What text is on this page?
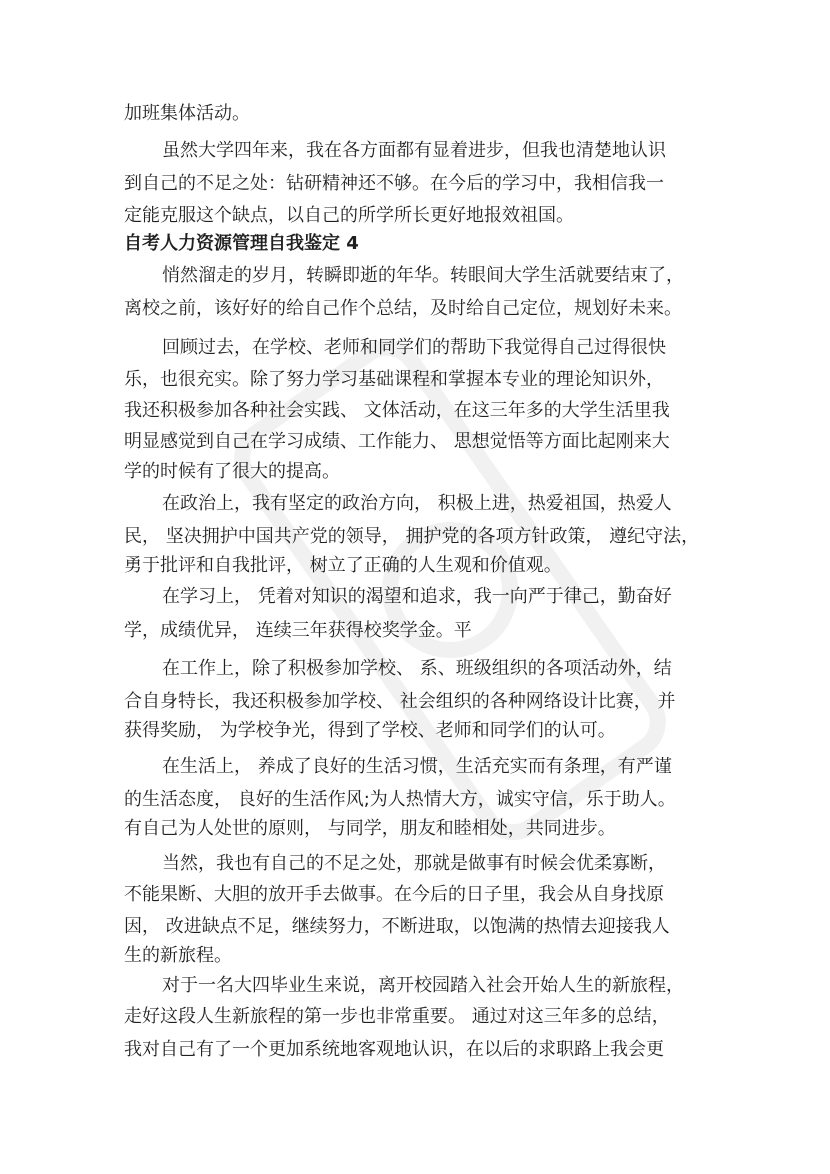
加班集体活动。
虽然大学四年来，我在各方面都有显着进步，但我也清楚地认识
到自己的不足之处：钻研精神还不够。在今后的学习中，我相信我一
定能克服这个缺点，以自己的所学所长更好地报效祖国。
自考人力资源管理自我鉴定 4
悄然溜走的岁月，转瞬即逝的年华。转眼间大学生活就要结束了，
离校之前，该好好的给自己作个总结，及时给自己定位，规划好未来。
回顾过去，在学校、老师和同学们的帮助下我觉得自己过得很快
乐，也很充实。除了努力学习基础课程和掌握本专业的理论知识外，
我还积极参加各种社会实践、 文体活动，在这三年多的大学生活里我
明显感觉到自己在学习成绩、工作能力、 思想觉悟等方面比起刚来大
学的时候有了很大的提高。
在政治上，我有坚定的政治方向， 积极上进，热爱祖国，热爱人
民， 坚决拥护中国共产党的领导， 拥护党的各项方针政策， 遵纪守法，
勇于批评和自我批评， 树立了正确的人生观和价值观。
在学习上， 凭着对知识的渴望和追求，我一向严于律己，勤奋好
学，成绩优异， 连续三年获得校奖学金。平
在工作上，除了积极参加学校、 系、班级组织的各项活动外，结
合自身特长，我还积极参加学校、 社会组织的各种网络设计比赛， 并
获得奖励， 为学校争光，得到了学校、老师和同学们的认可。
在生活上， 养成了良好的生活习惯，生活充实而有条理，有严谨
的生活态度， 良好的生活作风;为人热情大方，诚实守信，乐于助人。
有自己为人处世的原则， 与同学，朋友和睦相处，共同进步。
当然，我也有自己的不足之处，那就是做事有时候会优柔寡断，
不能果断、大胆的放开手去做事。在今后的日子里，我会从自身找原
因， 改进缺点不足，继续努力，不断进取，以饱满的热情去迎接我人
生的新旅程。
对于一名大四毕业生来说，离开校园踏入社会开始人生的新旅程，
走好这段人生新旅程的第一步也非常重要。 通过对这三年多的总结，
我对自己有了一个更加系统地客观地认识，在以后的求职路上我会更
